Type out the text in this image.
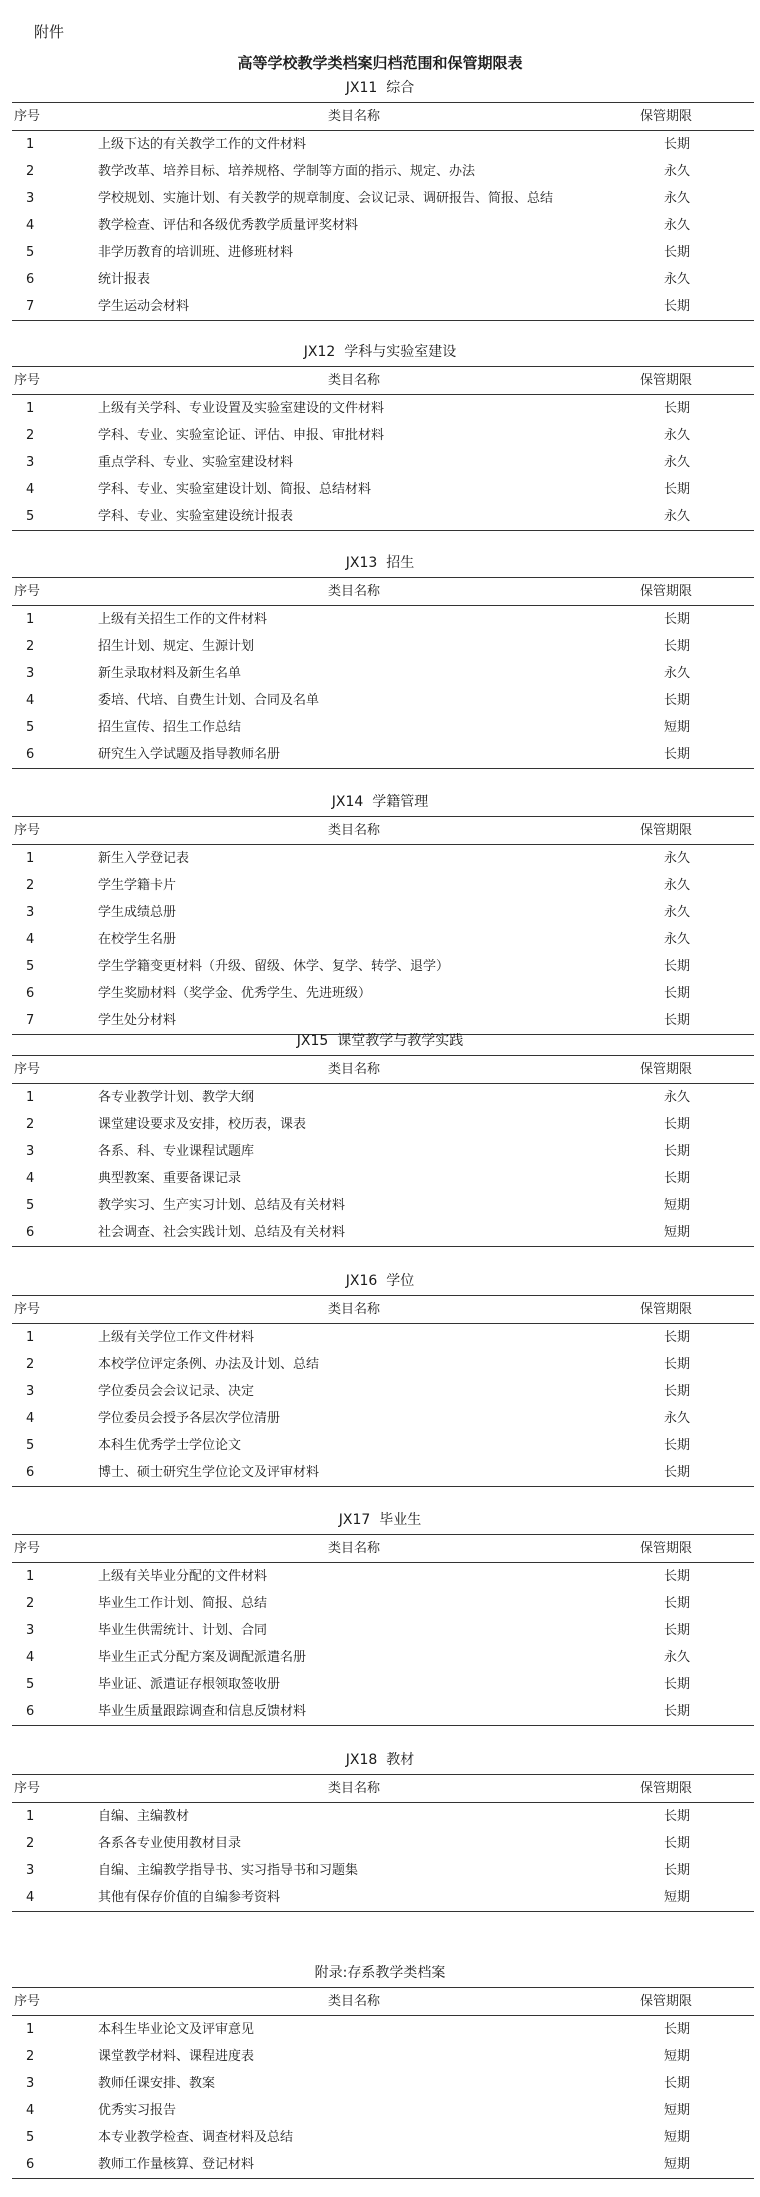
附件
高等学校教学类档案归档范围和保管期限表
JX11  综合
序号	类目名称	保管期限
1	上级下达的有关教学工作的文件材料	长期
2	教学改革、培养目标、培养规格、学制等方面的指示、规定、办法	永久
3	学校规划、实施计划、有关教学的规章制度、会议记录、调研报告、简报、总结	永久
4	教学检查、评估和各级优秀教学质量评奖材料	永久
5	非学历教育的培训班、进修班材料	长期
6	统计报表	永久
7	学生运动会材料	长期
JX12  学科与实验室建设
序号	类目名称	保管期限
1	上级有关学科、专业设置及实验室建设的文件材料	长期
2	学科、专业、实验室论证、评估、申报、审批材料	永久
3	重点学科、专业、实验室建设材料	永久
4	学科、专业、实验室建设计划、简报、总结材料	长期
5	学科、专业、实验室建设统计报表	永久
JX13  招生
序号	类目名称	保管期限
1	上级有关招生工作的文件材料	长期
2	招生计划、规定、生源计划	长期
3	新生录取材料及新生名单	永久
4	委培、代培、自费生计划、合同及名单	长期
5	招生宣传、招生工作总结	短期
6	研究生入学试题及指导教师名册	长期
JX14  学籍管理
序号	类目名称	保管期限
1	新生入学登记表	永久
2	学生学籍卡片	永久
3	学生成绩总册	永久
4	在校学生名册	永久
5	学生学籍变更材料（升级、留级、休学、复学、转学、退学）	长期
6	学生奖励材料（奖学金、优秀学生、先进班级）	长期
7	学生处分材料	长期
JX15  课堂教学与教学实践
序号	类目名称	保管期限
1	各专业教学计划、教学大纲	永久
2	课堂建设要求及安排，校历表，课表	长期
3	各系、科、专业课程试题库	长期
4	典型教案、重要备课记录	长期
5	教学实习、生产实习计划、总结及有关材料	短期
6	社会调查、社会实践计划、总结及有关材料	短期
JX16  学位
序号	类目名称	保管期限
1	上级有关学位工作文件材料	长期
2	本校学位评定条例、办法及计划、总结	长期
3	学位委员会会议记录、决定	长期
4	学位委员会授予各层次学位清册	永久
5	本科生优秀学士学位论文	长期
6	博士、硕士研究生学位论文及评审材料	长期
JX17  毕业生
序号	类目名称	保管期限
1	上级有关毕业分配的文件材料	长期
2	毕业生工作计划、简报、总结	长期
3	毕业生供需统计、计划、合同	长期
4	毕业生正式分配方案及调配派遣名册	永久
5	毕业证、派遣证存根领取签收册	长期
6	毕业生质量跟踪调查和信息反馈材料	长期
JX18  教材
序号	类目名称	保管期限
1	自编、主编教材	长期
2	各系各专业使用教材目录	长期
3	自编、主编教学指导书、实习指导书和习题集	长期
4	其他有保存价值的自编参考资料	短期
附录:存系教学类档案
序号	类目名称	保管期限
1	本科生毕业论文及评审意见	长期
2	课堂教学材料、课程进度表	短期
3	教师任课安排、教案	长期
4	优秀实习报告	短期
5	本专业教学检查、调查材料及总结	短期
6	教师工作量核算、登记材料	短期
